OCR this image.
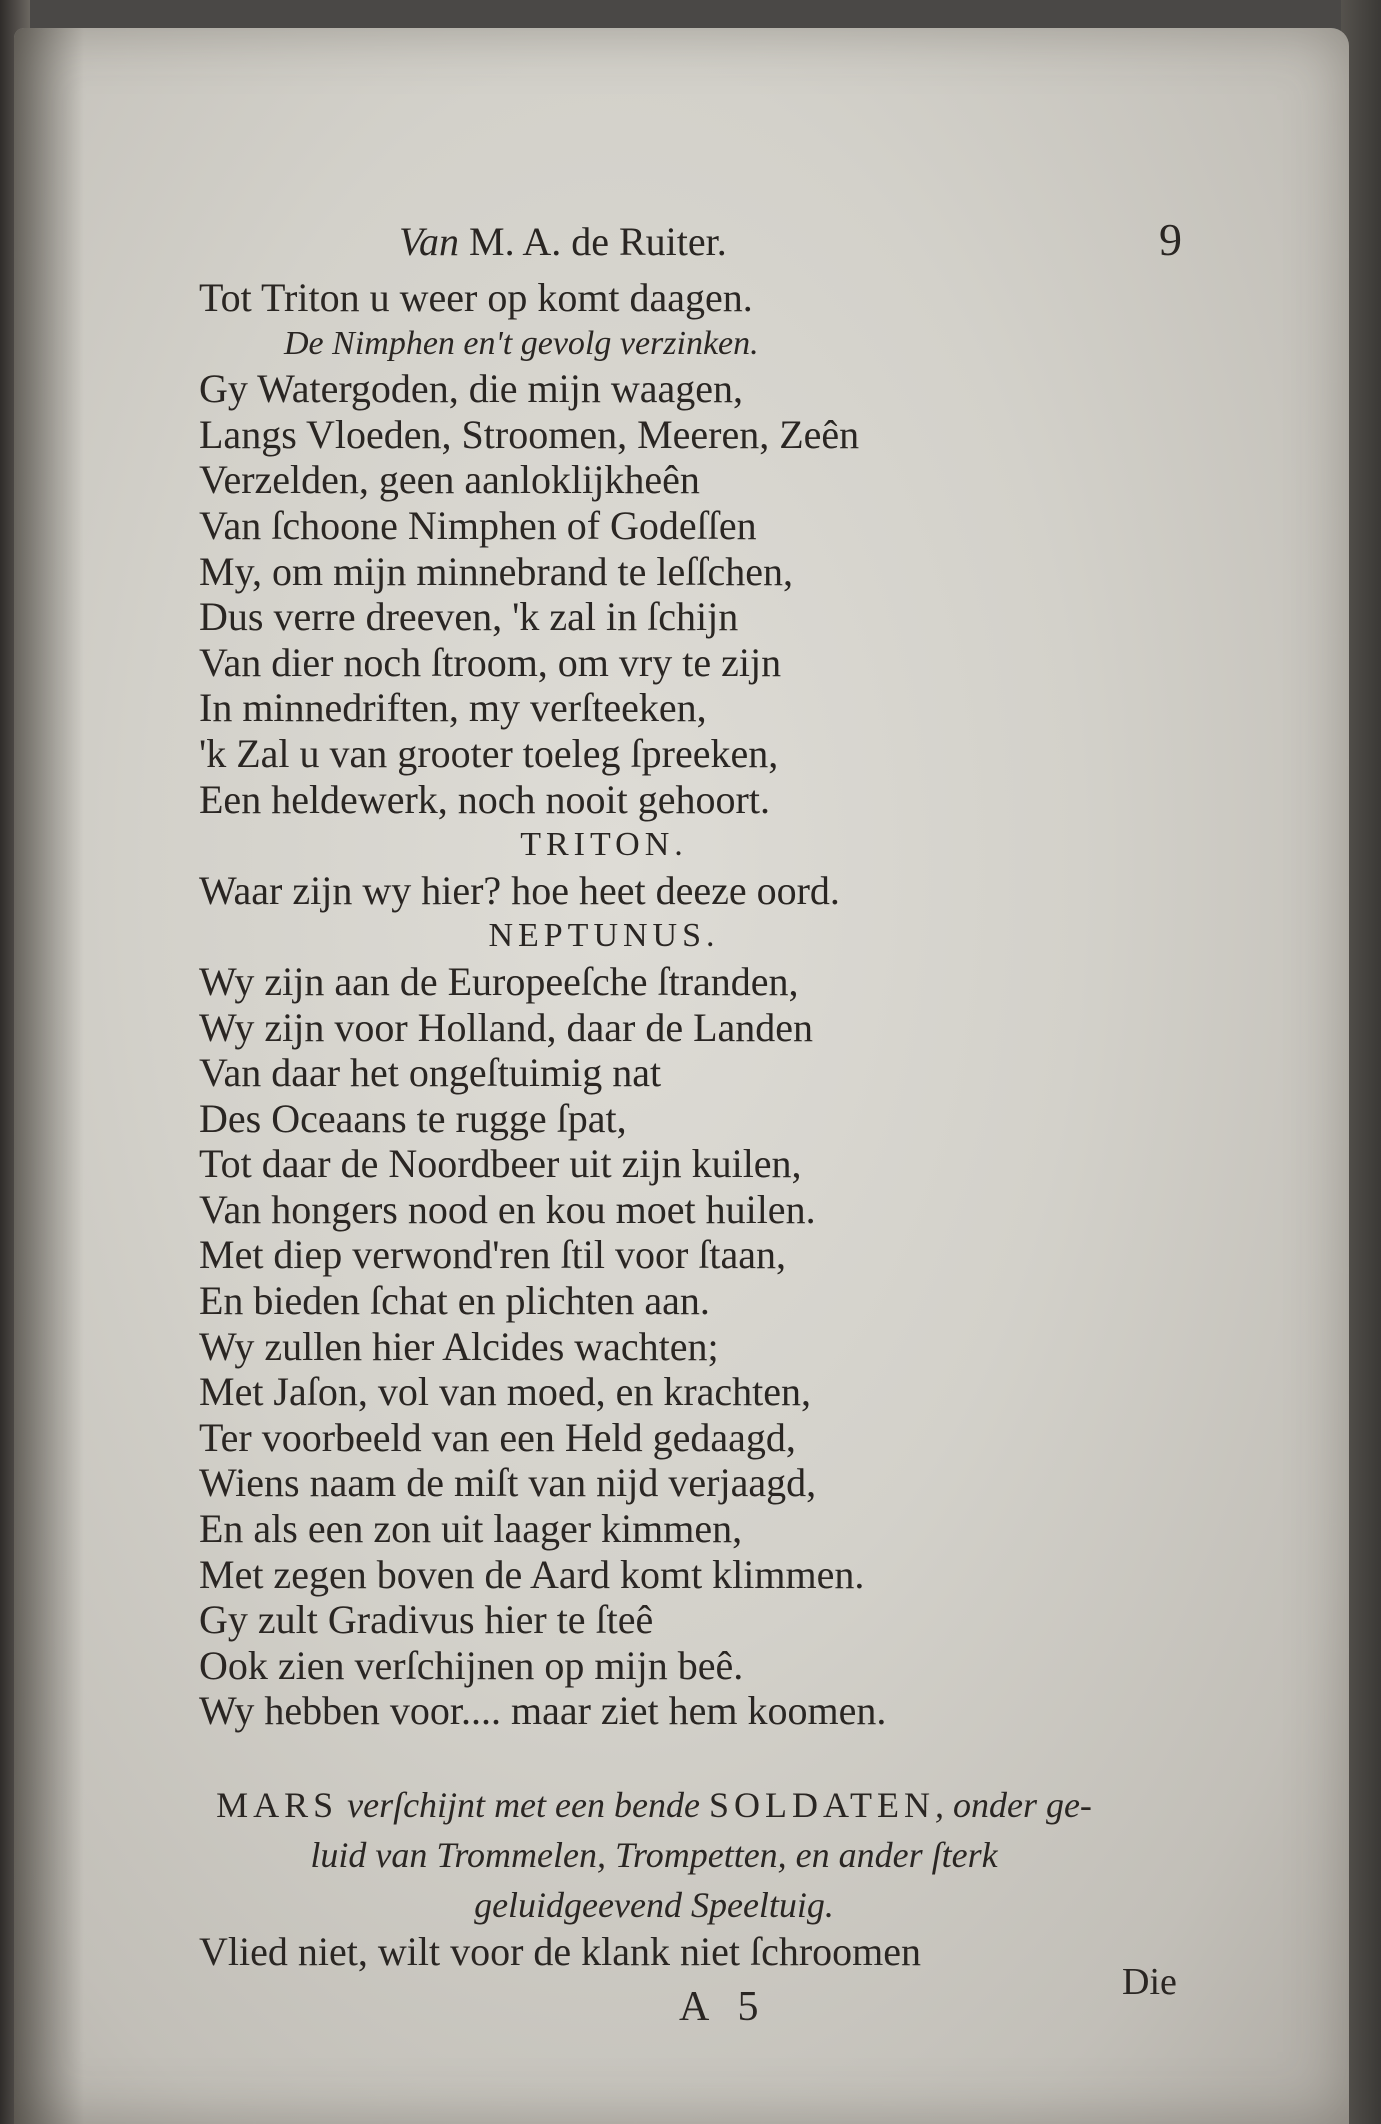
Van M. A. de Ruiter.	9
Tot Triton u weer op komt daagen.
De Nimphen en't gevolg verzinken.
Gy Watergoden, die mijn waagen,
Langs Vloeden, Stroomen, Meeren, Zeên
Verzelden, geen aanloklijkheên
Van ſchoone Nimphen of Godeſſen
My, om mijn minnebrand te leſſchen,
Dus verre dreeven, 'k zal in ſchijn
Van dier noch ſtroom, om vry te zijn
In minnedriften, my verſteeken,
'k Zal u van grooter toeleg ſpreeken,
Een heldewerk, noch nooit gehoort.
TRITON.
Waar zijn wy hier? hoe heet deeze oord.
NEPTUNUS.
Wy zijn aan de Europeeſche ſtranden,
Wy zijn voor Holland, daar de Landen
Van daar het ongeſtuimig nat
Des Oceaans te rugge ſpat,
Tot daar de Noordbeer uit zijn kuilen,
Van hongers nood en kou moet huilen.
Met diep verwond'ren ſtil voor ſtaan,
En bieden ſchat en plichten aan.
Wy zullen hier Alcides wachten;
Met Jaſon, vol van moed, en krachten,
Ter voorbeeld van een Held gedaagd,
Wiens naam de miſt van nijd verjaagd,
En als een zon uit laager kimmen,
Met zegen boven de Aard komt klimmen.
Gy zult Gradivus hier te ſteê
Ook zien verſchijnen op mijn beê.
Wy hebben voor.... maar ziet hem koomen.
MARS verſchijnt met een bende SOLDATEN, onder ge-
luid van Trommelen, Trompetten, en ander ſterk
geluidgeevend Speeltuig.
Vlied niet, wilt voor de klank niet ſchroomen
Die
A 5
